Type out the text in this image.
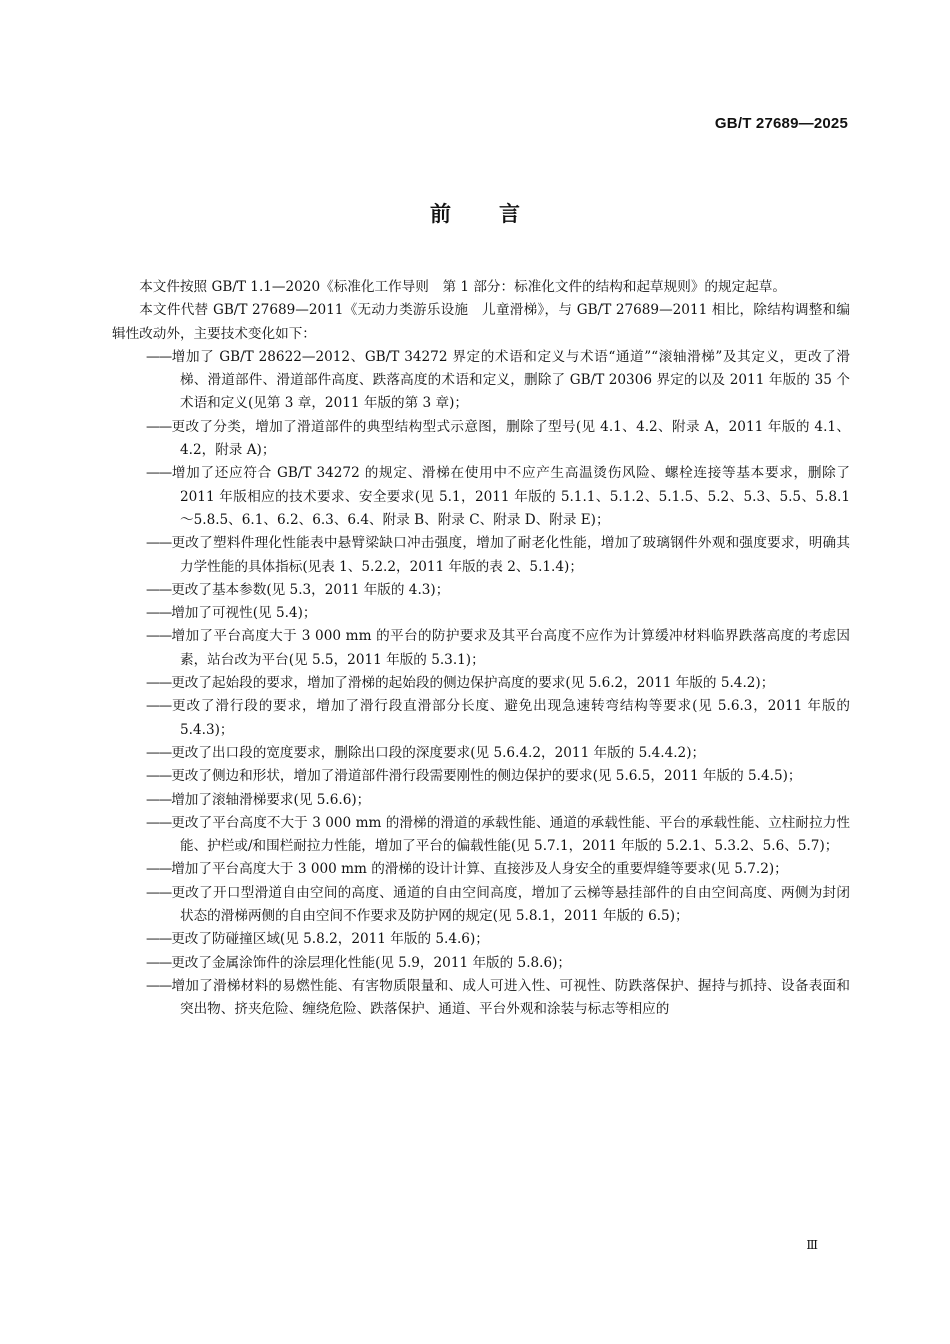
GB/T 27689—2025
前言

本文件按照 GB/T 1.1—2020《标准化工作导则　第 1 部分：标准化文件的结构和起草规则》的规定起草。

本文件代替 GB/T 27689—2011《无动力类游乐设施　儿童滑梯》，与 GB/T 27689—2011 相比，除结构调整和编辑性改动外，主要技术变化如下：

——增加了 GB/T 28622—2012、GB/T 34272 界定的术语和定义与术语“通道”“滚轴滑梯”及其定义，更改了滑梯、滑道部件、滑道部件高度、跌落高度的术语和定义，删除了 GB/T 20306 界定的以及 2011 年版的 35 个术语和定义(见第 3 章，2011 年版的第 3 章)；

——更改了分类，增加了滑道部件的典型结构型式示意图，删除了型号(见 4.1、4.2、附录 A，2011 年版的 4.1、4.2，附录 A)；

——增加了还应符合 GB/T 34272 的规定、滑梯在使用中不应产生高温烫伤风险、螺栓连接等基本要求，删除了 2011 年版相应的技术要求、安全要求(见 5.1，2011 年版的 5.1.1、5.1.2、5.1.5、5.2、5.3、5.5、5.8.1～5.8.5、6.1、6.2、6.3、6.4、附录 B、附录 C、附录 D、附录 E)；

——更改了塑料件理化性能表中悬臂梁缺口冲击强度，增加了耐老化性能，增加了玻璃钢件外观和强度要求，明确其力学性能的具体指标(见表 1、5.2.2，2011 年版的表 2、5.1.4)；

——更改了基本参数(见 5.3，2011 年版的 4.3)；

——增加了可视性(见 5.4)；

——增加了平台高度大于 3 000 mm 的平台的防护要求及其平台高度不应作为计算缓冲材料临界跌落高度的考虑因素，站台改为平台(见 5.5，2011 年版的 5.3.1)；

——更改了起始段的要求，增加了滑梯的起始段的侧边保护高度的要求(见 5.6.2，2011 年版的 5.4.2)；

——更改了滑行段的要求，增加了滑行段直滑部分长度、避免出现急速转弯结构等要求(见 5.6.3，2011 年版的5.4.3)；

——更改了出口段的宽度要求，删除出口段的深度要求(见 5.6.4.2，2011 年版的 5.4.4.2)；

——更改了侧边和形状，增加了滑道部件滑行段需要刚性的侧边保护的要求(见 5.6.5，2011 年版的 5.4.5)；

——增加了滚轴滑梯要求(见 5.6.6)；

——更改了平台高度不大于 3 000 mm 的滑梯的滑道的承载性能、通道的承载性能、平台的承载性能、立柱耐拉力性能、护栏或/和围栏耐拉力性能，增加了平台的偏载性能(见 5.7.1，2011 年版的 5.2.1、5.3.2、5.6、5.7)；

——增加了平台高度大于 3 000 mm 的滑梯的设计计算、直接涉及人身安全的重要焊缝等要求(见 5.7.2)；

——更改了开口型滑道自由空间的高度、通道的自由空间高度，增加了云梯等悬挂部件的自由空间高度、两侧为封闭状态的滑梯两侧的自由空间不作要求及防护网的规定(见 5.8.1，2011 年版的 6.5)；

——更改了防碰撞区域(见 5.8.2，2011 年版的 5.4.6)；

——更改了金属涂饰件的涂层理化性能(见 5.9，2011 年版的 5.8.6)；

——增加了滑梯材料的易燃性能、有害物质限量和、成人可进入性、可视性、防跌落保护、握持与抓持、设备表面和突出物、挤夹危险、缠绕危险、跌落保护、通道、平台外观和涂装与标志等相应的

Ⅲ
